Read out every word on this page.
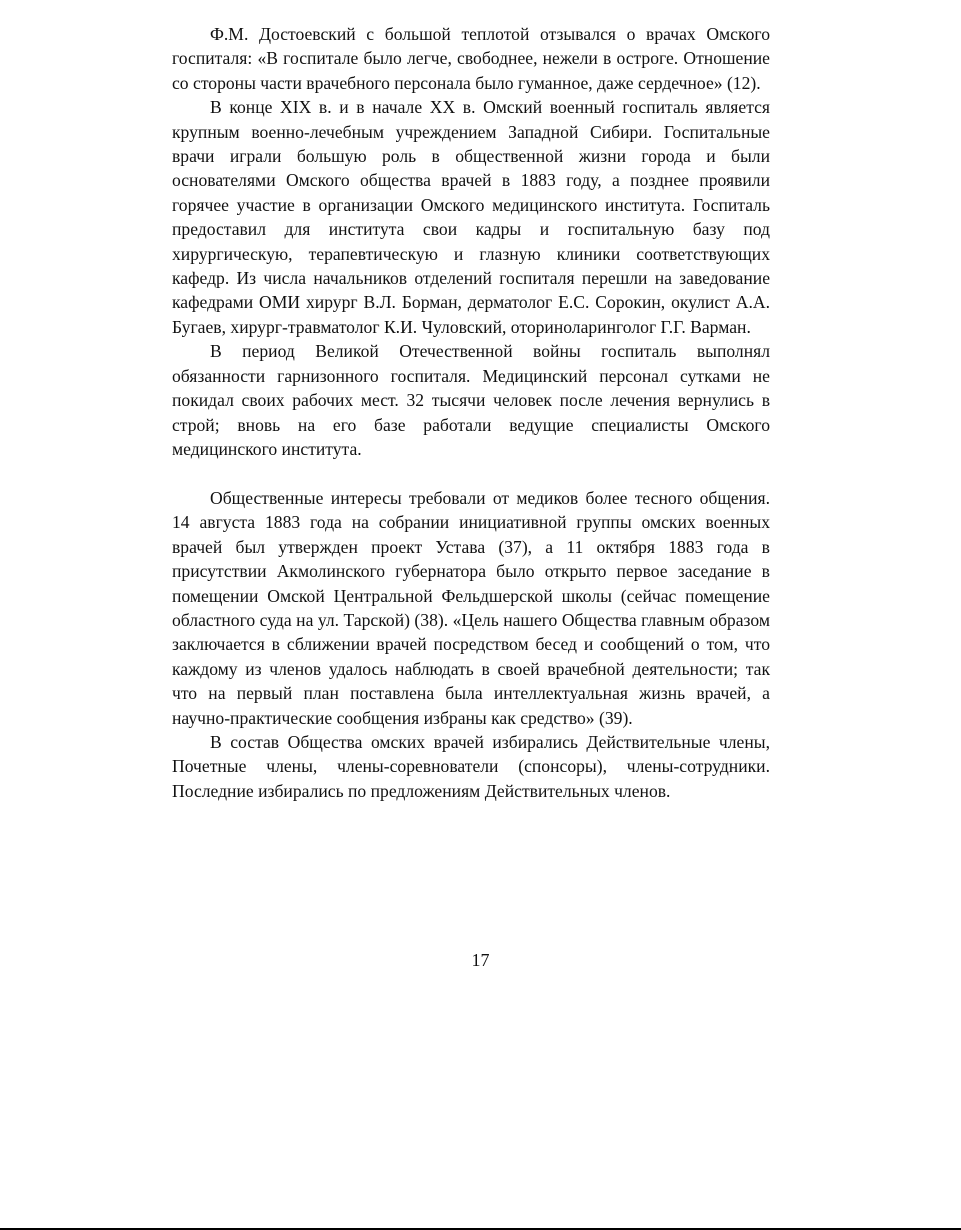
Ф.М. Достоевский с большой теплотой отзывался о врачах Омского госпиталя: «В госпитале было легче, свободнее, нежели в остроге. Отношение со стороны части врачебного персонала было гуманное, даже сердечное» (12).

В конце XIX в. и в начале XX в. Омский военный госпиталь является крупным военно-лечебным учреждением Западной Сибири. Госпитальные врачи играли большую роль в общественной жизни города и были основателями Омского общества врачей в 1883 году, а позднее проявили горячее участие в организации Омского медицинского института. Госпиталь предоставил для института свои кадры и госпитальную базу под хирургическую, терапевтическую и глазную клиники соответствующих кафедр. Из числа начальников отделений госпиталя перешли на заведование кафедрами ОМИ хирург В.Л. Борман, дерматолог Е.С. Сорокин, окулист А.А. Бугаев, хирург-травматолог К.И. Чуловский, оториноларинголог Г.Г. Варман.

В период Великой Отечественной войны госпиталь выполнял обязанности гарнизонного госпиталя. Медицинский персонал сутками не покидал своих рабочих мест. 32 тысячи человек после лечения вернулись в строй; вновь на его базе работали ведущие специалисты Омского медицинского института.

Общественные интересы требовали от медиков более тесного общения. 14 августа 1883 года на собрании инициативной группы омских военных врачей был утвержден проект Устава (37), а 11 октября 1883 года в присутствии Акмолинского губернатора было открыто первое заседание в помещении Омской Центральной Фельдшерской школы (сейчас помещение областного суда на ул. Тарской) (38). «Цель нашего Общества главным образом заключается в сближении врачей посредством бесед и сообщений о том, что каждому из членов удалось наблюдать в своей врачебной деятельности; так что на первый план поставлена была интеллектуальная жизнь врачей, а научно-практические сообщения избраны как средство» (39).

В состав Общества омских врачей избирались Действительные члены, Почетные члены, члены-соревнователи (спонсоры), члены-сотрудники. Последние избирались по предложениям Действительных членов.

17
